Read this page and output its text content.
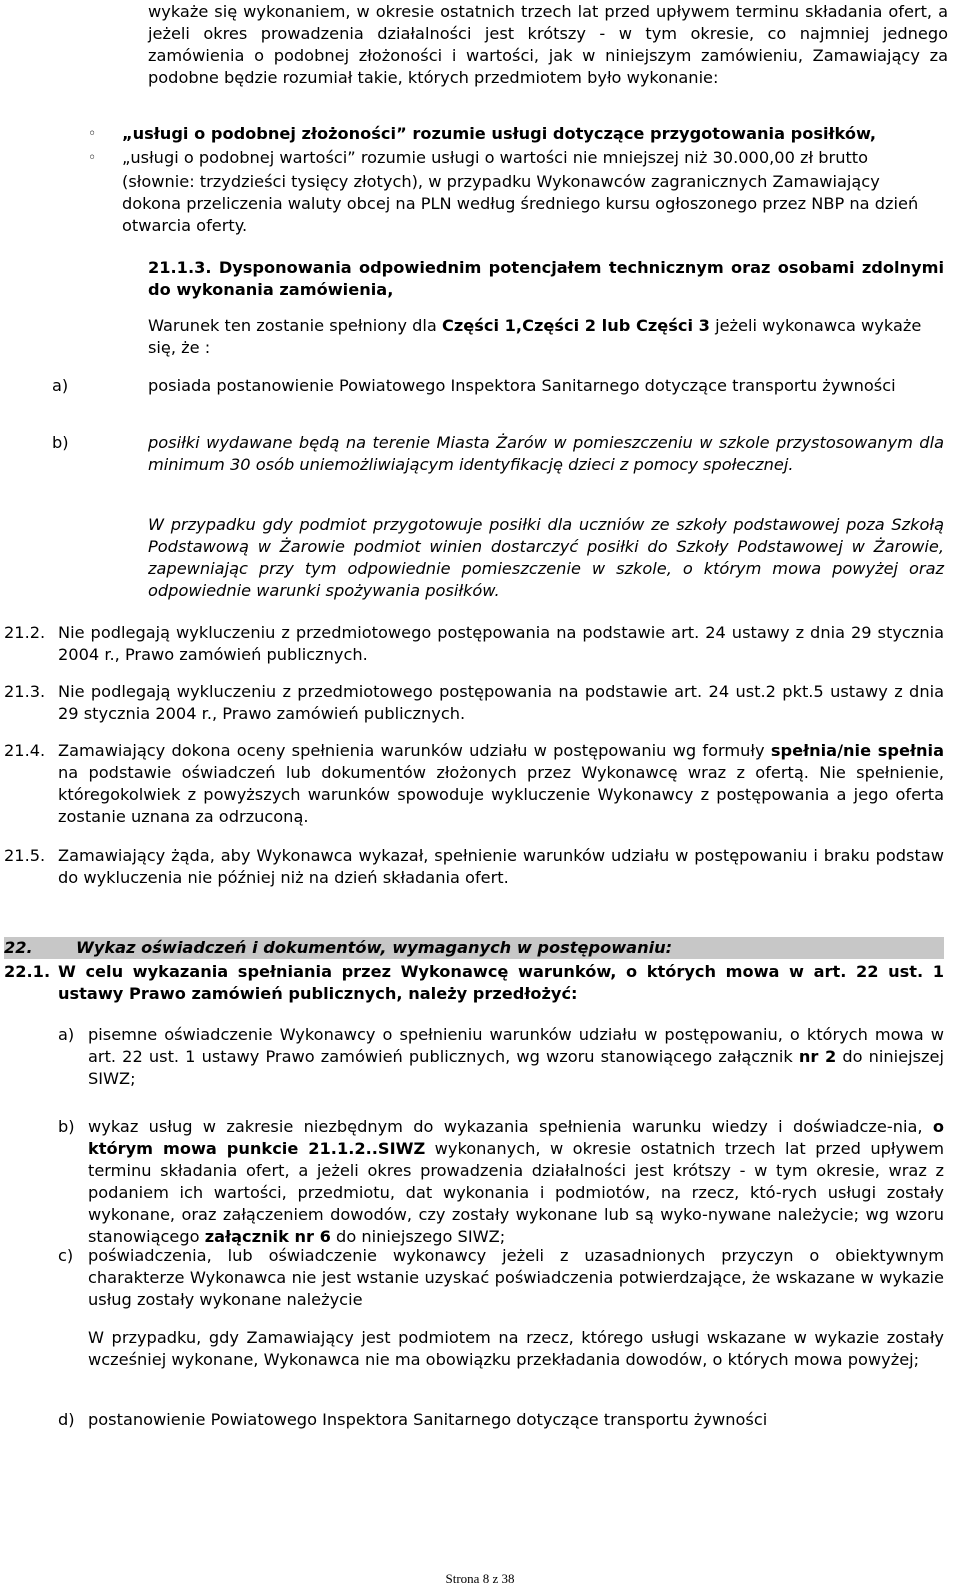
wykaże się wykonaniem, w okresie ostatnich trzech lat przed upływem terminu składania ofert, a jeżeli okres prowadzenia działalności jest krótszy - w tym okresie, co najmniej jednego zamówienia o podobnej złożoności i wartości, jak w niniejszym zamówieniu, Zamawiający za podobne będzie rozumiał takie, których przedmiotem było wykonanie:

◦ „usługi o podobnej złożoności” rozumie usługi dotyczące przygotowania posiłków,

◦ „usługi o podobnej wartości” rozumie usługi o wartości nie mniejszej niż 30.000,00 zł brutto

(słownie: trzydzieści tysięcy złotych), w przypadku Wykonawców zagranicznych Zamawiający dokona przeliczenia waluty obcej na PLN według średniego kursu ogłoszonego przez NBP na dzień otwarcia oferty.

21.1.3. Dysponowania odpowiednim potencjałem technicznym oraz osobami zdolnymi do wykonania zamówienia,
Warunek ten zostanie spełniony dla Części 1,Części 2 lub Części 3 jeżeli wykonawca wykaże się, że :
a)	posiada postanowienie Powiatowego Inspektora Sanitarnego dotyczące transportu żywności

b)	posiłki wydawane będą na terenie Miasta Żarów w pomieszczeniu w szkole przystosowanym dla minimum 30 osób uniemożliwiającym identyfikację dzieci z pomocy społecznej.

W przypadku gdy podmiot przygotowuje posiłki dla uczniów ze szkoły podstawowej poza Szkołą Podstawową w Żarowie podmiot winien dostarczyć posiłki do Szkoły Podstawowej w Żarowie, zapewniając przy tym odpowiednie pomieszczenie w szkole, o którym mowa powyżej oraz odpowiednie warunki spożywania posiłków.

21.2. Nie podlegają wykluczeniu z przedmiotowego postępowania na podstawie art. 24 ustawy z dnia 29 stycznia 2004 r., Prawo zamówień publicznych.
21.3. Nie podlegają wykluczeniu z przedmiotowego postępowania na podstawie art. 24 ust.2 pkt.5 ustawy z dnia 29 stycznia 2004 r., Prawo zamówień publicznych.
21.4. Zamawiający dokona oceny spełnienia warunków udziału w postępowaniu wg formuły spełnia/nie spełnia na podstawie oświadczeń lub dokumentów złożonych przez Wykonawcę wraz z ofertą. Nie spełnienie, któregokolwiek z powyższych warunków spowoduje wykluczenie Wykonawcy z postępowania a jego oferta zostanie uznana za odrzuconą.
21.5. Zamawiający żąda, aby Wykonawca wykazał, spełnienie warunków udziału w postępowaniu i braku podstaw do wykluczenia nie później niż na dzień składania ofert.
22.	Wykaz oświadczeń i dokumentów, wymaganych w postępowaniu:
22.1. W celu wykazania spełniania przez Wykonawcę warunków, o których mowa w art. 22 ust. 1 ustawy Prawo zamówień publicznych, należy przedłożyć:
a) pisemne oświadczenie Wykonawcy o spełnieniu warunków udziału w postępowaniu, o których mowa w art. 22 ust. 1 ustawy Prawo zamówień publicznych, wg wzoru stanowiącego załącznik nr 2 do niniejszej SIWZ;
b) wykaz usług w zakresie niezbędnym do wykazania spełnienia warunku wiedzy i doświadcze-nia, o którym mowa punkcie 21.1.2..SIWZ wykonanych, w okresie ostatnich trzech lat przed upływem terminu składania ofert, a jeżeli okres prowadzenia działalności jest krótszy - w tym okresie, wraz z podaniem ich wartości, przedmiotu, dat wykonania i podmiotów, na rzecz, któ-rych usługi zostały wykonane, oraz załączeniem dowodów, czy zostały wykonane lub są wyko-nywane należycie; wg wzoru stanowiącego załącznik nr 6 do niniejszego SIWZ;
c) poświadczenia, lub oświadczenie wykonawcy jeżeli z uzasadnionych przyczyn o obiektywnym charakterze Wykonawca nie jest wstanie uzyskać poświadczenia potwierdzające, że wskazane w wykazie usług zostały wykonane należycie

W przypadku, gdy Zamawiający jest podmiotem na rzecz, którego usługi wskazane w wykazie zostały wcześniej wykonane, Wykonawca nie ma obowiązku przekładania dowodów, o których mowa powyżej;

d) postanowienie Powiatowego Inspektora Sanitarnego dotyczące transportu żywności
Strona 8 z 38
